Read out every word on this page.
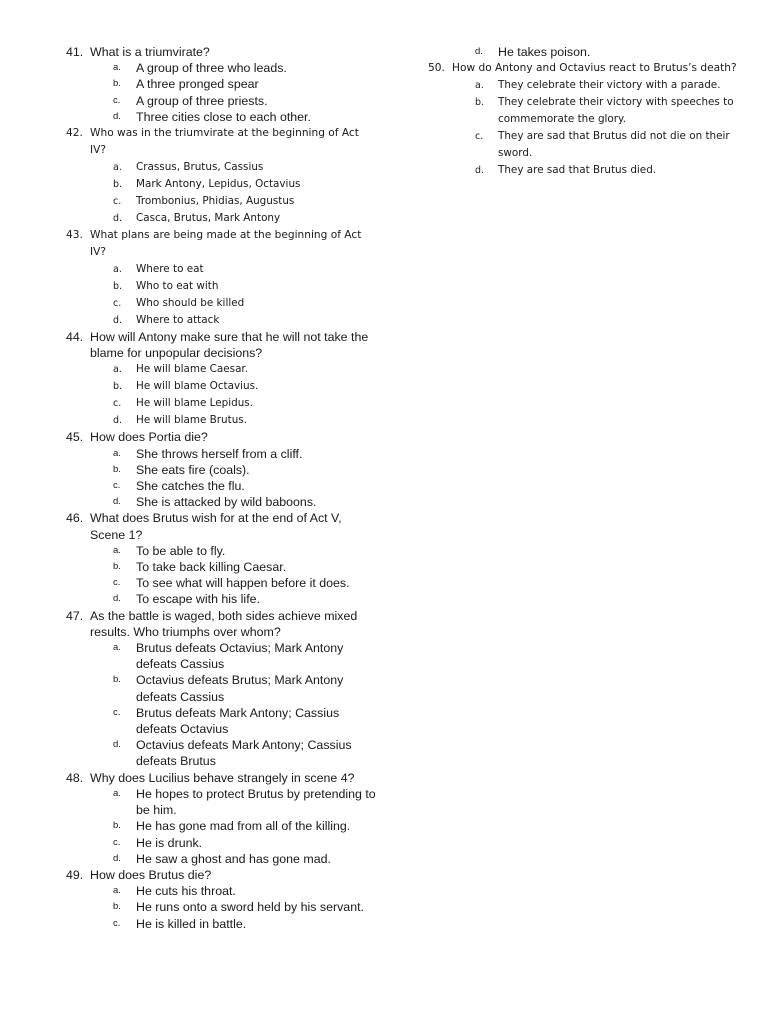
41. What is a triumvirate?
a.	A group of three who leads.
b.	A three pronged spear
c.	A group of three priests.
d.	Three cities close to each other.
42. Who was in the triumvirate at the beginning of Act IV?
a.	Crassus, Brutus, Cassius
b.	Mark Antony, Lepidus, Octavius
c.	Trombonius, Phidias, Augustus
d.	Casca, Brutus, Mark Antony
43. What plans are being made at the beginning of Act IV?
a.	Where to eat
b.	Who to eat with
c.	Who should be killed
d.	Where to attack
44. How will Antony make sure that he will not take the blame for unpopular decisions?
a.	He will blame Caesar.
b.	He will blame Octavius.
c.	He will blame Lepidus.
d.	He will blame Brutus.
45. How does Portia die?
a.	She throws herself from a cliff.
b.	She eats fire (coals).
c.	She catches the flu.
d.	She is attacked by wild baboons.
46. What does Brutus wish for at the end of Act V, Scene 1?
a.	To be able to fly.
b.	To take back killing Caesar.
c.	To see what will happen before it does.
d.	To escape with his life.
47. As the battle is waged, both sides achieve mixed results. Who triumphs over whom?
a.	Brutus defeats Octavius; Mark Antony defeats Cassius
b.	Octavius defeats Brutus; Mark Antony defeats Cassius
c.	Brutus defeats Mark Antony; Cassius defeats Octavius
d.	Octavius defeats Mark Antony; Cassius defeats Brutus
48. Why does Lucilius behave strangely in scene 4?
a.	He hopes to protect Brutus by pretending to be him.
b.	He has gone mad from all of the killing.
c.	He is drunk.
d.	He saw a ghost and has gone mad.
49. How does Brutus die?
a.	He cuts his throat.
b.	He runs onto a sword held by his servant.
c.	He is killed in battle.
d.	He takes poison.
50. How do Antony and Octavius react to Brutus’s death?
a.	They celebrate their victory with a parade.
b.	They celebrate their victory with speeches to commemorate the glory.
c.	They are sad that Brutus did not die on their sword.
d.	They are sad that Brutus died.
